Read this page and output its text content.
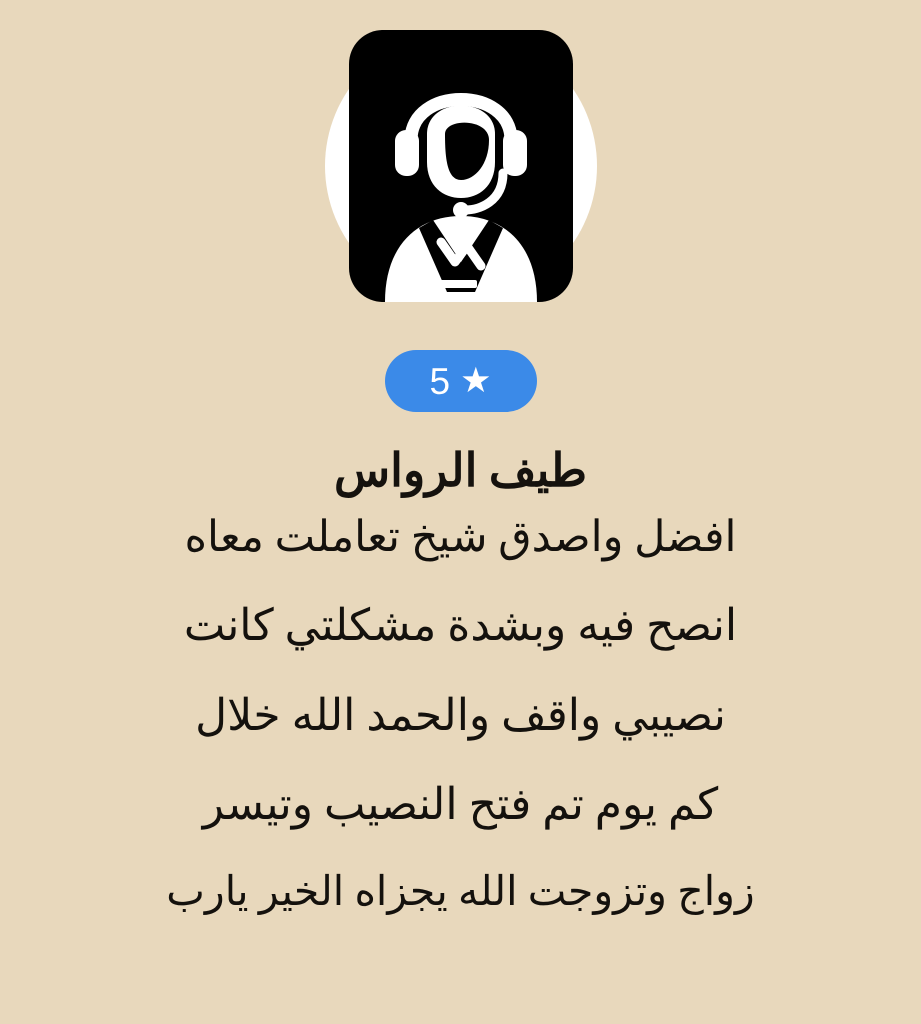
5 ★
طيف الرواس
افضل واصدق شيخ تعاملت معاه
انصح فيه وبشدة مشكلتي كانت
نصيبي واقف والحمد الله خلال
كم يوم تم فتح النصيب وتيسر
زواج وتزوجت الله يجزاه الخير يارب
